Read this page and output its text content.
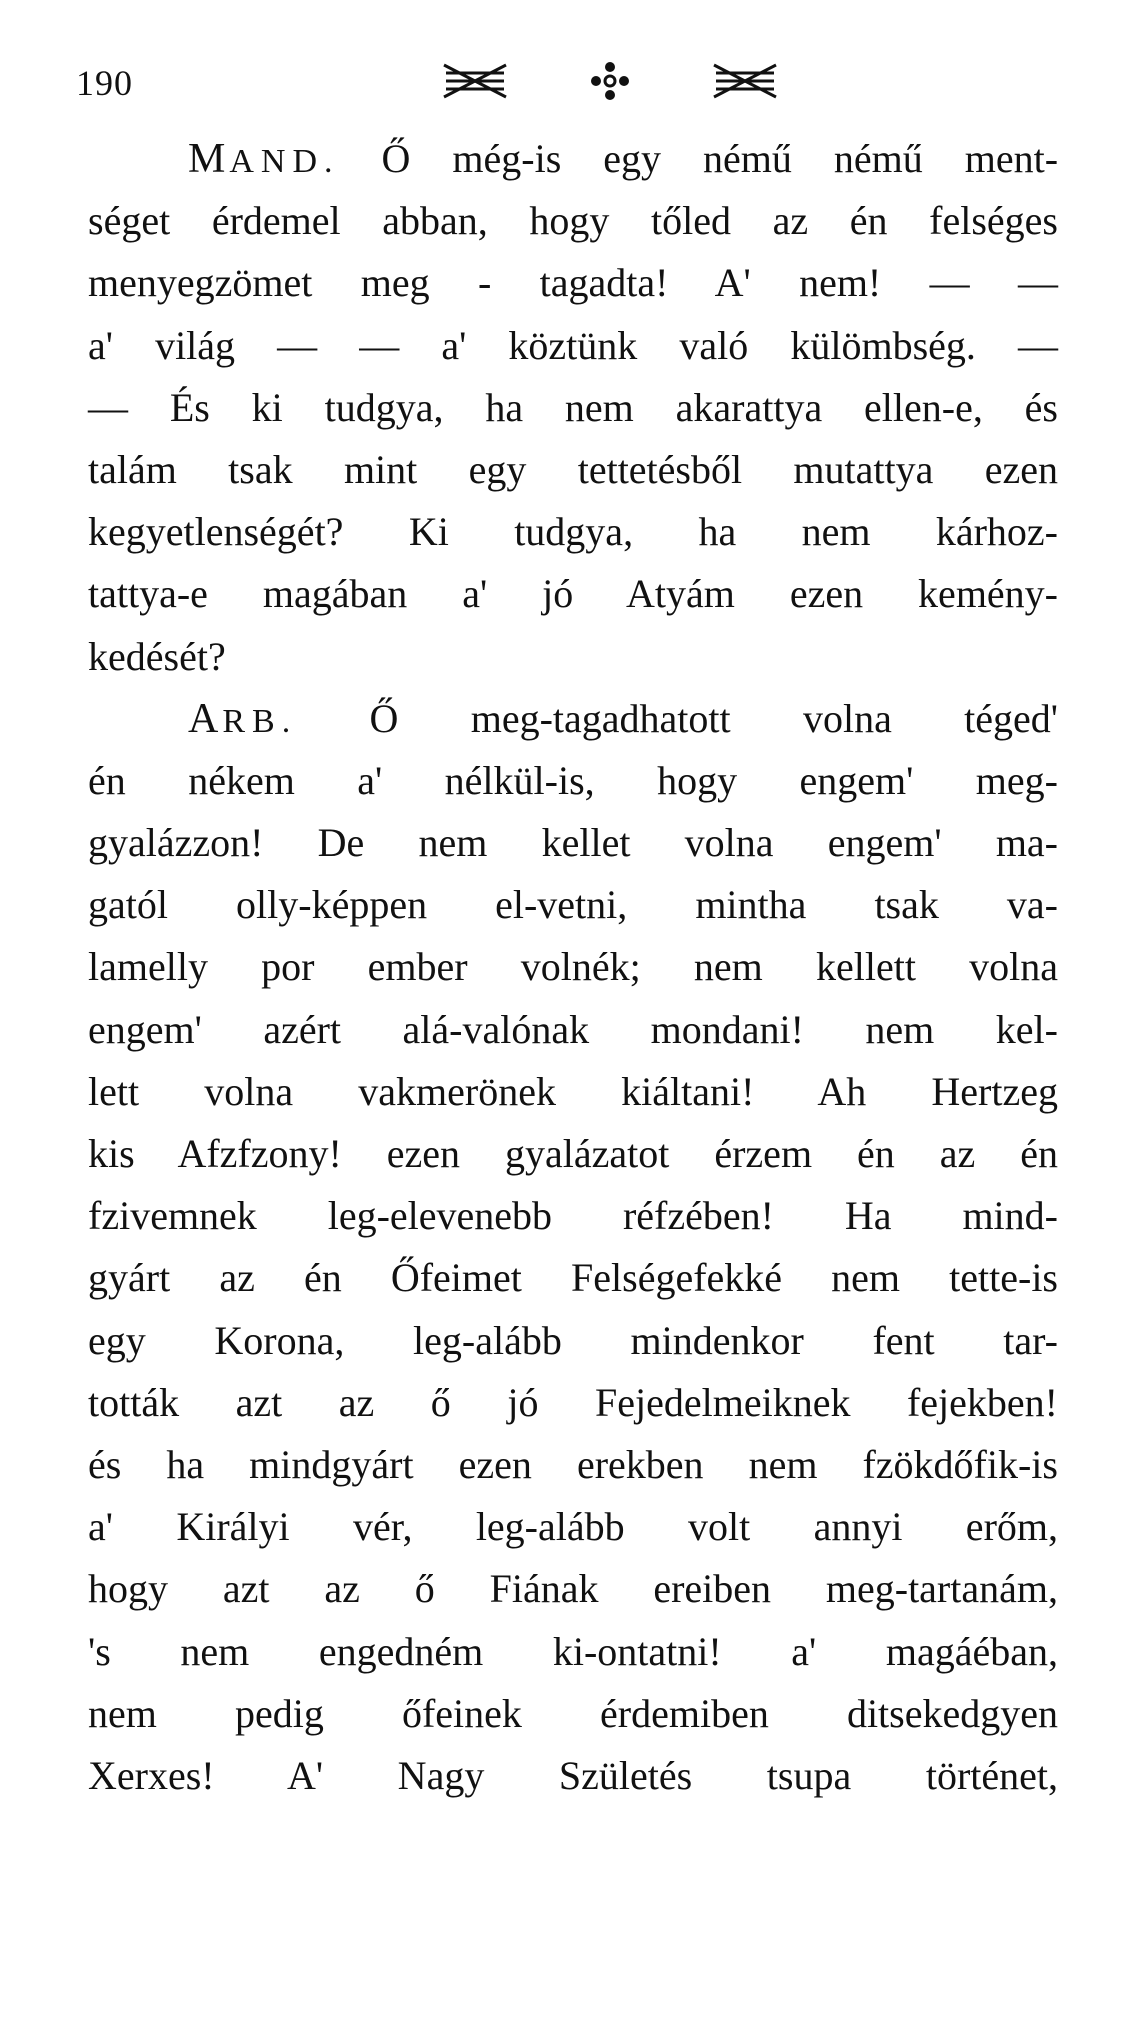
190
MAND. Ő még-is egy némű némű ment-
séget érdemel abban, hogy tőled az én felséges
menyegzömet meg - tagadta! A' nem! — —
a' világ — — a' köztünk való külömbség. —
— És ki tudgya, ha nem akarattya ellen-e, és
talám tsak mint egy tettetésből mutattya ezen
kegyetlenségét? Ki tudgya, ha nem kárhoz-
tattya-e magában a' jó Atyám ezen kemény-
kedését?
ARB. Ő meg-tagadhatott volna téged'
én nékem a' nélkül-is, hogy engem' meg-
gyalázzon! De nem kellet volna engem' ma-
gatól olly-képpen el-vetni, mintha tsak va-
lamelly por ember volnék; nem kellett volna
engem' azért alá-valónak mondani! nem kel-
lett volna vakmerönek kiáltani! Ah Hertzeg
kis Afzfzony! ezen gyalázatot érzem én az én
fzivemnek leg-elevenebb réfzében! Ha mind-
gyárt az én Őfeimet Felségefekké nem tette-is
egy Korona, leg-alább mindenkor fent tar-
tották azt az ő jó Fejedelmeiknek fejekben!
és ha mindgyárt ezen erekben nem fzökdőfik-is
a' Királyi vér, leg-alább volt annyi erőm,
hogy azt az ő Fiának ereiben meg-tartanám,
's nem engedném ki-ontatni! a' magáéban,
nem pedig őfeinek érdemiben ditsekedgyen
Xerxes! A' Nagy Születés tsupa történet,
